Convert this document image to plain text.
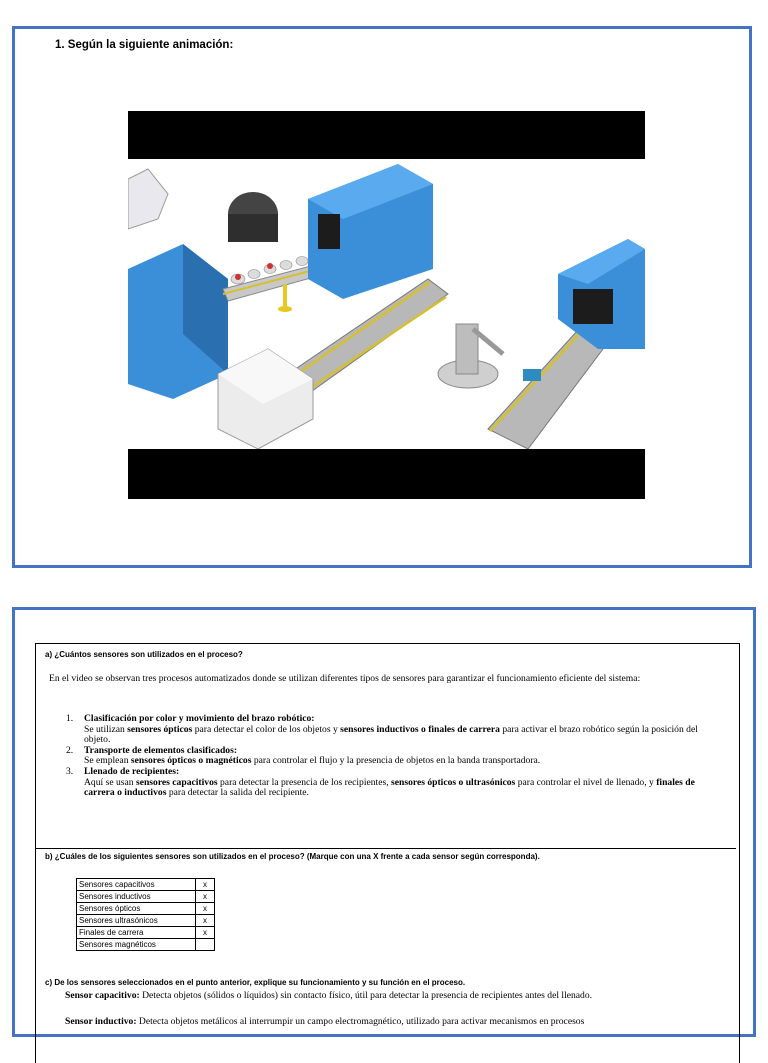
1. Según la siguiente animación:
a) ¿Cuántos sensores son utilizados en el proceso?
En el video se observan tres procesos automatizados donde se utilizan diferentes tipos de sensores para garantizar el funcionamiento eficiente del sistema:
1. Clasificación por color y movimiento del brazo robótico:
Se utilizan sensores ópticos para detectar el color de los objetos y sensores inductivos o finales de carrera para activar el brazo robótico según la posición del objeto.
2. Transporte de elementos clasificados:
Se emplean sensores ópticos o magnéticos para controlar el flujo y la presencia de objetos en la banda transportadora.
3. Llenado de recipientes:
Aquí se usan sensores capacitivos para detectar la presencia de los recipientes, sensores ópticos o ultrasónicos para controlar el nivel de llenado, y finales de carrera o inductivos para detectar la salida del recipiente.
b) ¿Cuáles de los siguientes sensores son utilizados en el proceso? (Marque con una X frente a cada sensor según corresponda).
Sensores capacitivos	x
Sensores inductivos	x
Sensores ópticos	x
Sensores ultrasónicos	x
Finales de carrera	x
Sensores magnéticos	
c) De los sensores seleccionados en el punto anterior, explique su funcionamiento y su función en el proceso.
Sensor capacitivo: Detecta objetos (sólidos o líquidos) sin contacto físico, útil para detectar la presencia de recipientes antes del llenado.
Sensor inductivo: Detecta objetos metálicos al interrumpir un campo electromagnético, utilizado para activar mecanismos en procesos
